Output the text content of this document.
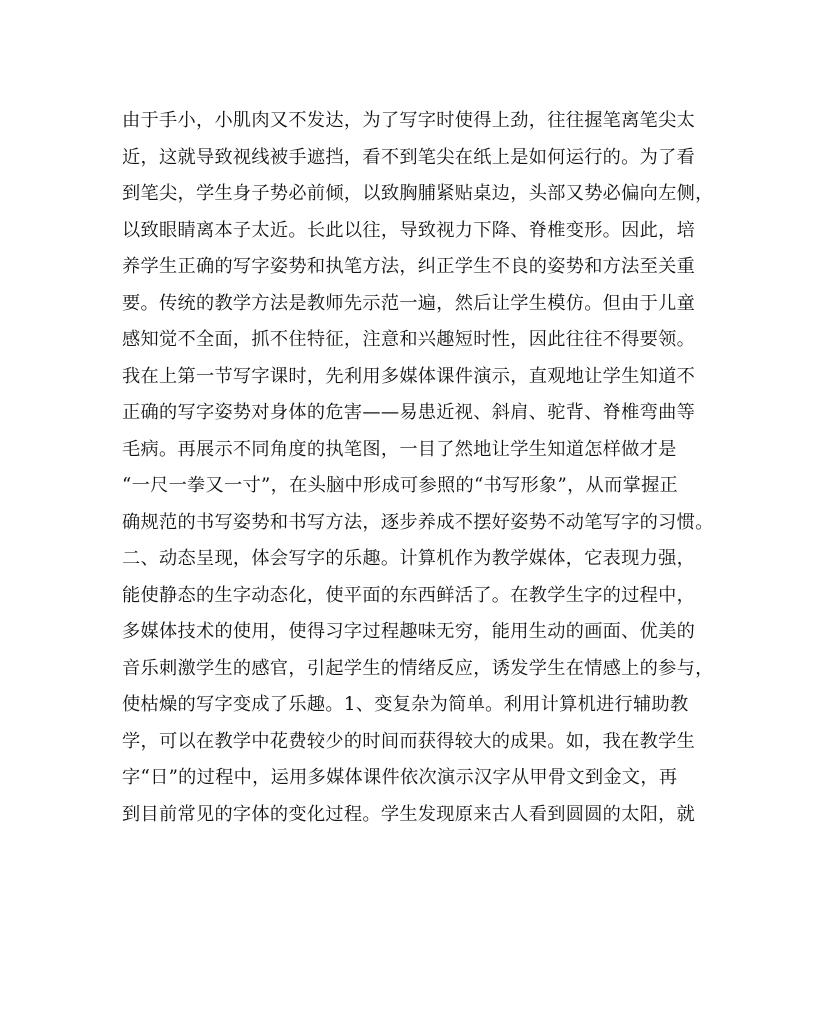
由于手小，小肌肉又不发达，为了写字时使得上劲，往往握笔离笔尖太
近，这就导致视线被手遮挡，看不到笔尖在纸上是如何运行的。为了看
到笔尖，学生身子势必前倾，以致胸脯紧贴桌边，头部又势必偏向左侧，
以致眼睛离本子太近。长此以往，导致视力下降、脊椎变形。因此，培
养学生正确的写字姿势和执笔方法，纠正学生不良的姿势和方法至关重
要。传统的教学方法是教师先示范一遍，然后让学生模仿。但由于儿童
感知觉不全面，抓不住特征，注意和兴趣短时性，因此往往不得要领。
我在上第一节写字课时，先利用多媒体课件演示，直观地让学生知道不
正确的写字姿势对身体的危害——易患近视、斜肩、驼背、脊椎弯曲等
毛病。再展示不同角度的执笔图，一目了然地让学生知道怎样做才是
“一尺一拳又一寸”，在头脑中形成可参照的“书写形象”，从而掌握正
确规范的书写姿势和书写方法，逐步养成不摆好姿势不动笔写字的习惯。
二、动态呈现，体会写字的乐趣。计算机作为教学媒体，它表现力强，
能使静态的生字动态化，使平面的东西鲜活了。在教学生字的过程中，
多媒体技术的使用，使得习字过程趣味无穷，能用生动的画面、优美的
音乐刺激学生的感官，引起学生的情绪反应，诱发学生在情感上的参与，
使枯燥的写字变成了乐趣。1、变复杂为简单。利用计算机进行辅助教
学，可以在教学中花费较少的时间而获得较大的成果。如，我在教学生
字“日”的过程中，运用多媒体课件依次演示汉字从甲骨文到金文，再
到目前常见的字体的变化过程。学生发现原来古人看到圆圆的太阳，就
